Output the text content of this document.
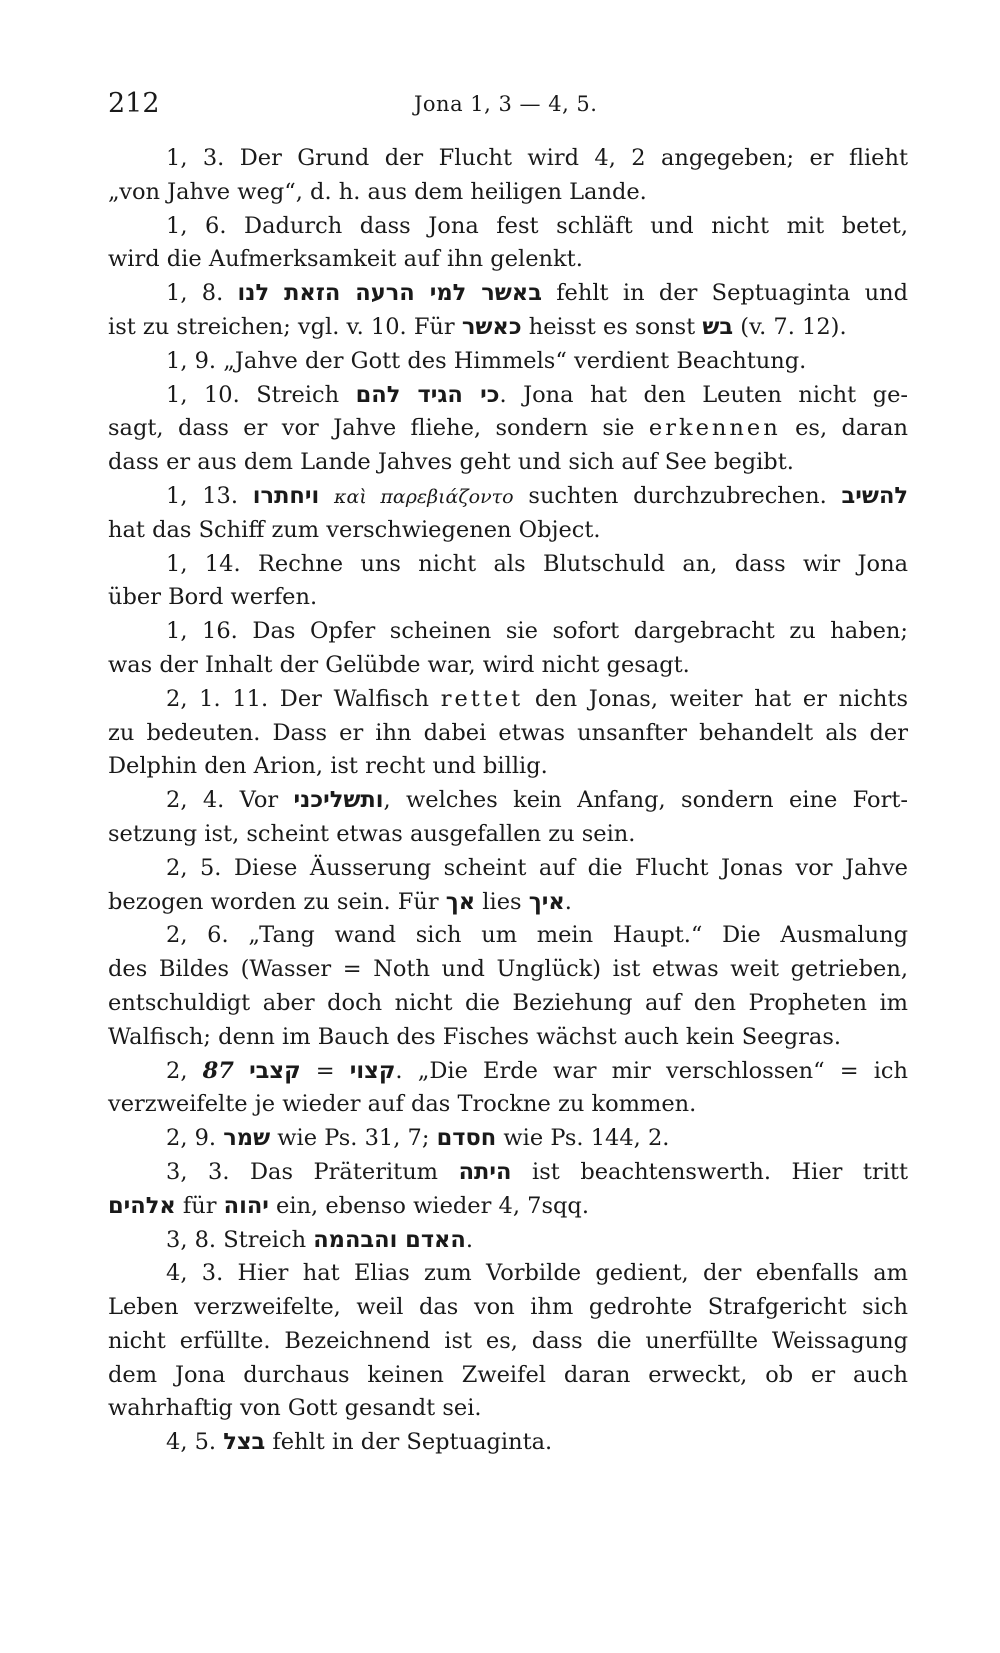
212	Jona 1, 3 — 4, 5.
1, 3. Der Grund der Flucht wird 4, 2 angegeben; er flieht
„von Jahve weg“, d. h. aus dem heiligen Lande.
1, 6. Dadurch dass Jona fest schläft und nicht mit betet,
wird die Aufmerksamkeit auf ihn gelenkt.
1, 8. באשר למי הרעה הזאת לנו fehlt in der Septuaginta und
ist zu streichen; vgl. v. 10. Für כאשר heisst es sonst בש (v. 7. 12).
1, 9. „Jahve der Gott des Himmels“ verdient Beachtung.
1, 10. Streich כי הגיד להם. Jona hat den Leuten nicht ge-
sagt, dass er vor Jahve fliehe, sondern sie erkennen es, daran
dass er aus dem Lande Jahves geht und sich auf See begibt.
1, 13. ויחתרו καὶ παρεβιάζοντο suchten durchzubrechen. להשיב
hat das Schiff zum verschwiegenen Object.
1, 14. Rechne uns nicht als Blutschuld an, dass wir Jona
über Bord werfen.
1, 16. Das Opfer scheinen sie sofort dargebracht zu haben;
was der Inhalt der Gelübde war, wird nicht gesagt.
2, 1. 11. Der Walfisch rettet den Jonas, weiter hat er nichts
zu bedeuten. Dass er ihn dabei etwas unsanfter behandelt als der
Delphin den Arion, ist recht und billig.
2, 4. Vor ותשליכני, welches kein Anfang, sondern eine Fort-
setzung ist, scheint etwas ausgefallen zu sein.
2, 5. Diese Äusserung scheint auf die Flucht Jonas vor Jahve
bezogen worden zu sein. Für אך lies איך.
2, 6. „Tang wand sich um mein Haupt.“ Die Ausmalung
des Bildes (Wasser = Noth und Unglück) ist etwas weit getrieben,
entschuldigt aber doch nicht die Beziehung auf den Propheten im
Walfisch; denn im Bauch des Fisches wächst auch kein Seegras.
2, 87 קצבי = קצוי. „Die Erde war mir verschlossen“ = ich
verzweifelte je wieder auf das Trockne zu kommen.
2, 9. שמר wie Ps. 31, 7; חסדם wie Ps. 144, 2.
3, 3. Das Präteritum היתה ist beachtenswerth. Hier tritt
אלהים für יהוה ein, ebenso wieder 4, 7sqq.
3, 8. Streich האדם והבהמה.
4, 3. Hier hat Elias zum Vorbilde gedient, der ebenfalls am
Leben verzweifelte, weil das von ihm gedrohte Strafgericht sich
nicht erfüllte. Bezeichnend ist es, dass die unerfüllte Weissagung
dem Jona durchaus keinen Zweifel daran erweckt, ob er auch
wahrhaftig von Gott gesandt sei.
4, 5. בצל fehlt in der Septuaginta.
